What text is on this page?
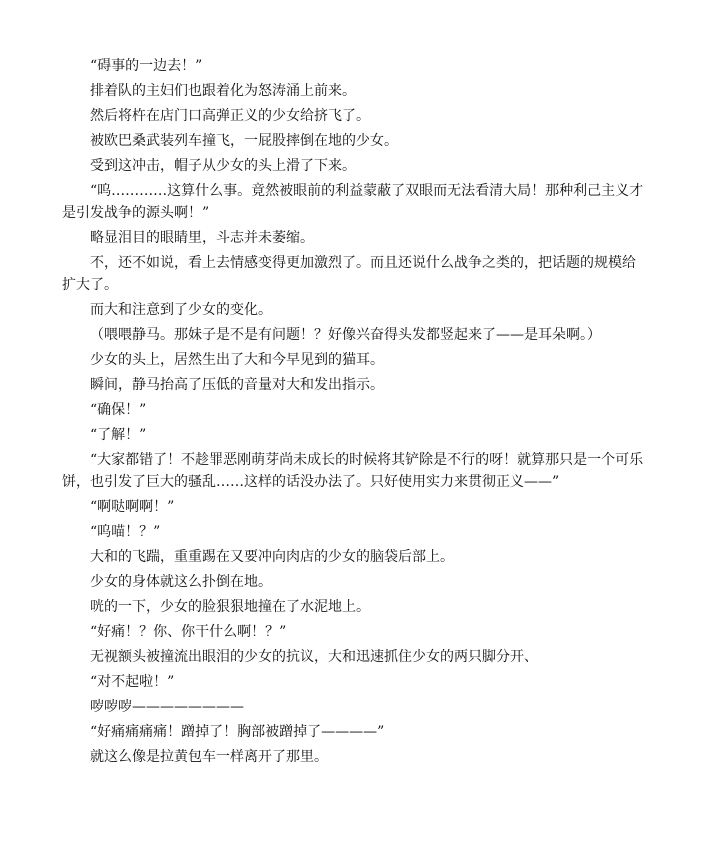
“碍事的一边去！”

排着队的主妇们也跟着化为怒涛涌上前来。

然后将杵在店门口高弹正义的少女给挤飞了。

被欧巴桑武装列车撞飞，一屁股摔倒在地的少女。

受到这冲击，帽子从少女的头上滑了下来。

“呜…………这算什么事。竟然被眼前的利益蒙蔽了双眼而无法看清大局！那种利己主义才是引发战争的源头啊！”

略显泪目的眼睛里，斗志并未萎缩。

不，还不如说，看上去情感变得更加激烈了。而且还说什么战争之类的，把话题的规模给扩大了。

而大和注意到了少女的变化。

（喂喂静马。那妹子是不是有问题！？好像兴奋得头发都竖起来了——是耳朵啊。）

少女的头上，居然生出了大和今早见到的猫耳。

瞬间，静马抬高了压低的音量对大和发出指示。

“确保！”

“了解！”

“大家都错了！不趁罪恶刚萌芽尚未成长的时候将其铲除是不行的呀！就算那只是一个可乐饼，也引发了巨大的骚乱……这样的话没办法了。只好使用实力来贯彻正义——”

“啊哒啊啊！”

“呜喵！？”

大和的飞踹，重重踢在又要冲向肉店的少女的脑袋后部上。

少女的身体就这么扑倒在地。

咣的一下，少女的脸狠狠地撞在了水泥地上。

“好痛！？你、你干什么啊！？”

无视额头被撞流出眼泪的少女的抗议，大和迅速抓住少女的两只脚分开、

“对不起啦！”

哕哕哕————————

“好痛痛痛痛！蹭掉了！胸部被蹭掉了————”

就这么像是拉黄包车一样离开了那里。
